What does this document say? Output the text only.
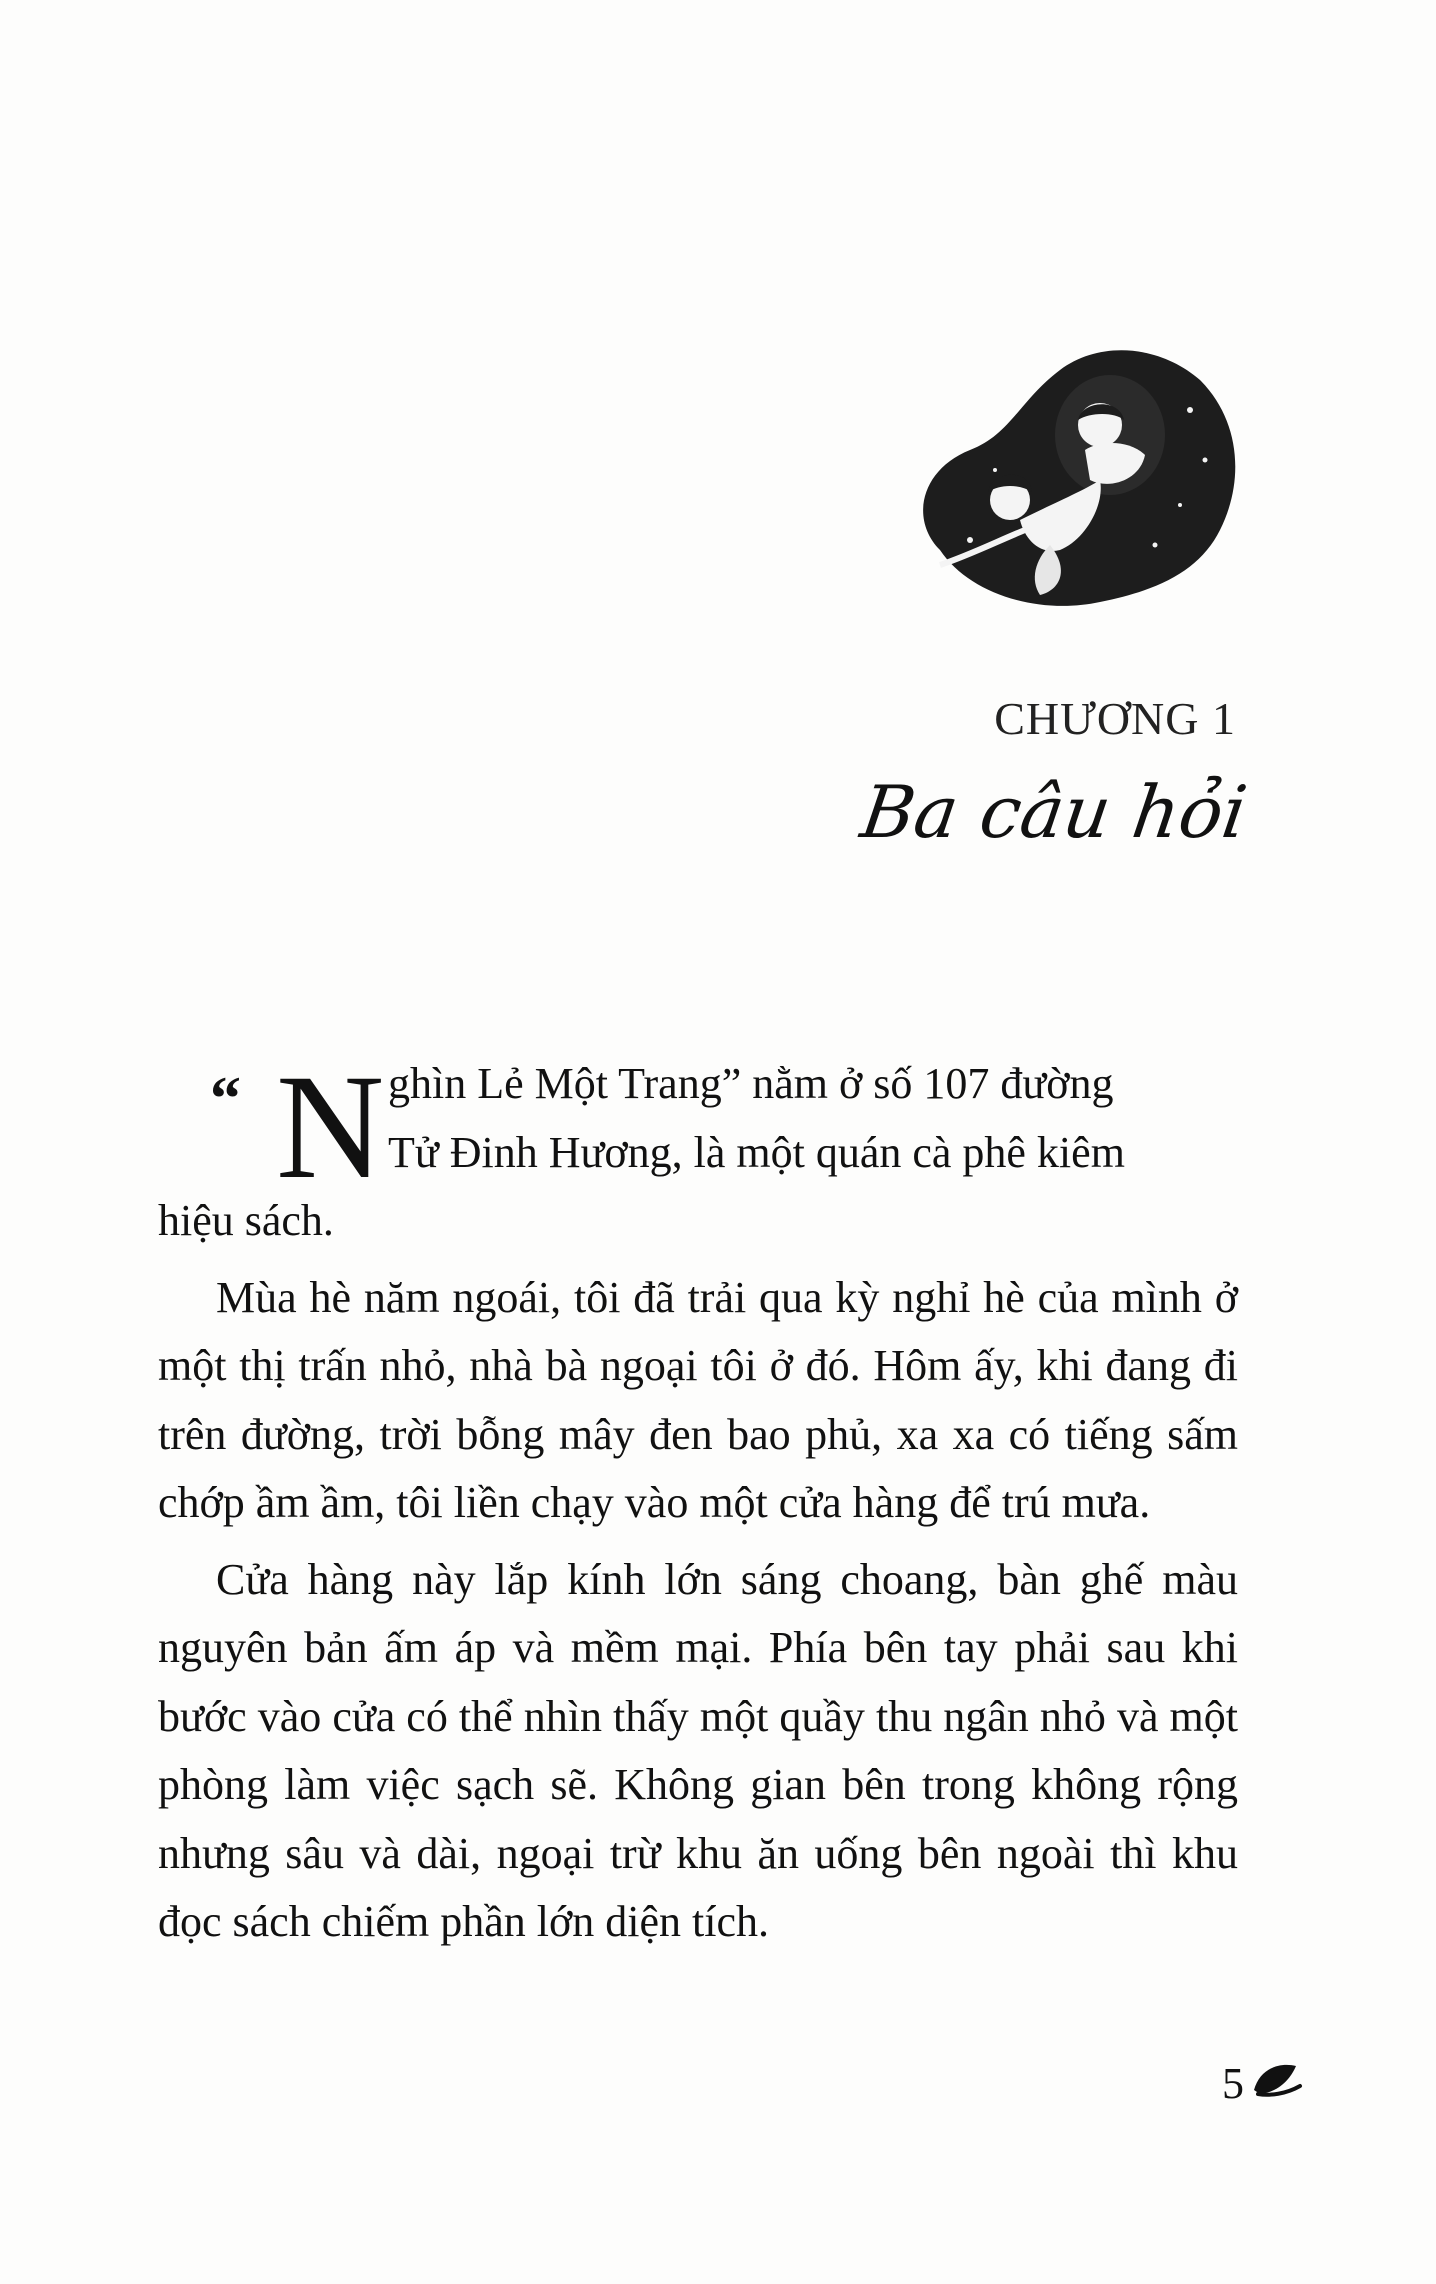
CHƯƠNG 1
Ba câu hỏi
“ N ghìn Lẻ Một Trang” nằm ở số 107 đường
Tử Đinh Hương, là một quán cà phê kiêm
hiệu sách.

Mùa hè năm ngoái, tôi đã trải qua kỳ nghỉ hè của mình ở một thị trấn nhỏ, nhà bà ngoại tôi ở đó. Hôm ấy, khi đang đi trên đường, trời bỗng mây đen bao phủ, xa xa có tiếng sấm chớp ầm ầm, tôi liền chạy vào một cửa hàng để trú mưa.

Cửa hàng này lắp kính lớn sáng choang, bàn ghế màu nguyên bản ấm áp và mềm mại. Phía bên tay phải sau khi bước vào cửa có thể nhìn thấy một quầy thu ngân nhỏ và một phòng làm việc sạch sẽ. Không gian bên trong không rộng nhưng sâu và dài, ngoại trừ khu ăn uống bên ngoài thì khu đọc sách chiếm phần lớn diện tích.

5
